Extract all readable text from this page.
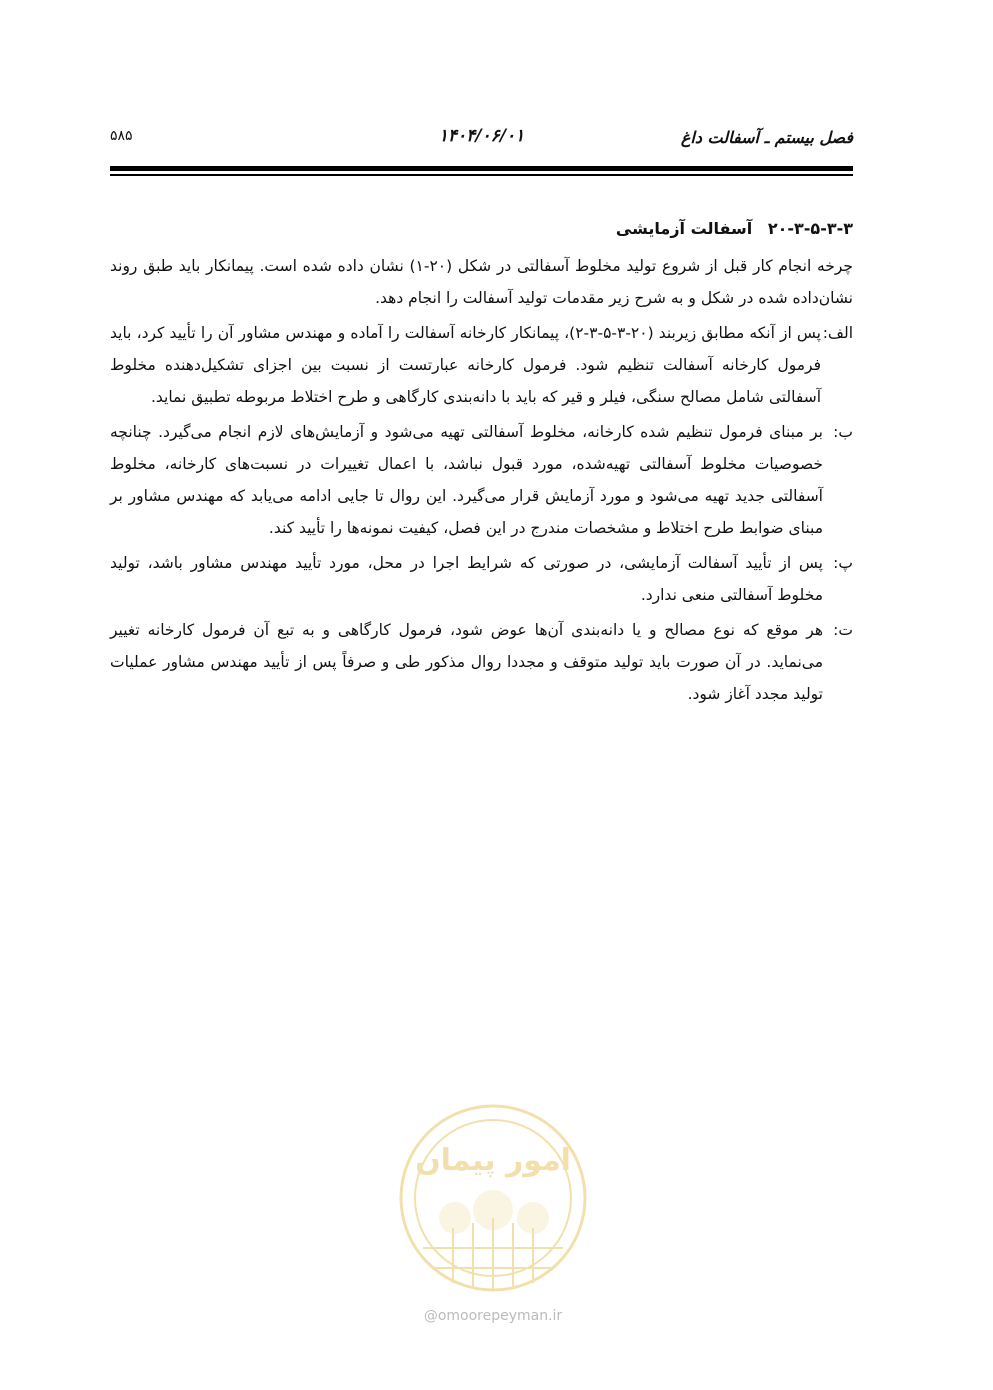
فصل بیستم ـ آسفالت داغ
۱۴۰۴/۰۶/۰۱
۵۸۵
۲۰-۳-۵-۳-۳ آسفالت آزمایشی

چرخه انجام کار قبل از شروع تولید مخلوط آسفالتی در شکل (۲۰-۱) نشان داده شده است. پیمانکار باید طبق روند نشان‌داده شده در شکل و به شرح زیر مقدمات تولید آسفالت را انجام دهد.

الف:
پس از آنکه مطابق زیربند (۲۰-۳-۵-۳-۲)، پیمانکار کارخانه آسفالت را آماده و مهندس مشاور آن را تأیید کرد، باید فرمول کارخانه آسفالت تنظیم شود. فرمول کارخانه عبارتست از نسبت بین اجزای تشکیل‌دهنده مخلوط آسفالتی شامل مصالح سنگی، فیلر و قیر که باید با دانه‌بندی کارگاهی و طرح اختلاط مربوطه تطبیق نماید.
ب:
بر مبنای فرمول تنظیم شده کارخانه، مخلوط آسفالتی تهیه می‌شود و آزمایش‌های لازم انجام می‌گیرد. چنانچه خصوصیات مخلوط آسفالتی تهیه‌شده، مورد قبول نباشد، با اعمال تغییرات در نسبت‌های کارخانه، مخلوط آسفالتی جدید تهیه می‌شود و مورد آزمایش قرار می‌گیرد. این روال تا جایی ادامه می‌یابد که مهندس مشاور بر مبنای ضوابط طرح اختلاط و مشخصات مندرج در این فصل، کیفیت نمونه‌ها را تأیید کند.
پ:
پس از تأیید آسفالت آزمایشی، در صورتی که شرایط اجرا در محل، مورد تأیید مهندس مشاور باشد، تولید مخلوط آسفالتی منعی ندارد.
ت:
هر موقع که نوع مصالح و یا دانه‌بندی آن‌ها عوض شود، فرمول کارگاهی و به تبع آن فرمول کارخانه تغییر می‌نماید. در آن صورت باید تولید متوقف و مجددا روال مذکور طی و صرفاً پس از تأیید مهندس مشاور عملیات تولید مجدد آغاز شود.
امور پیمان
@omoorepeyman.ir
